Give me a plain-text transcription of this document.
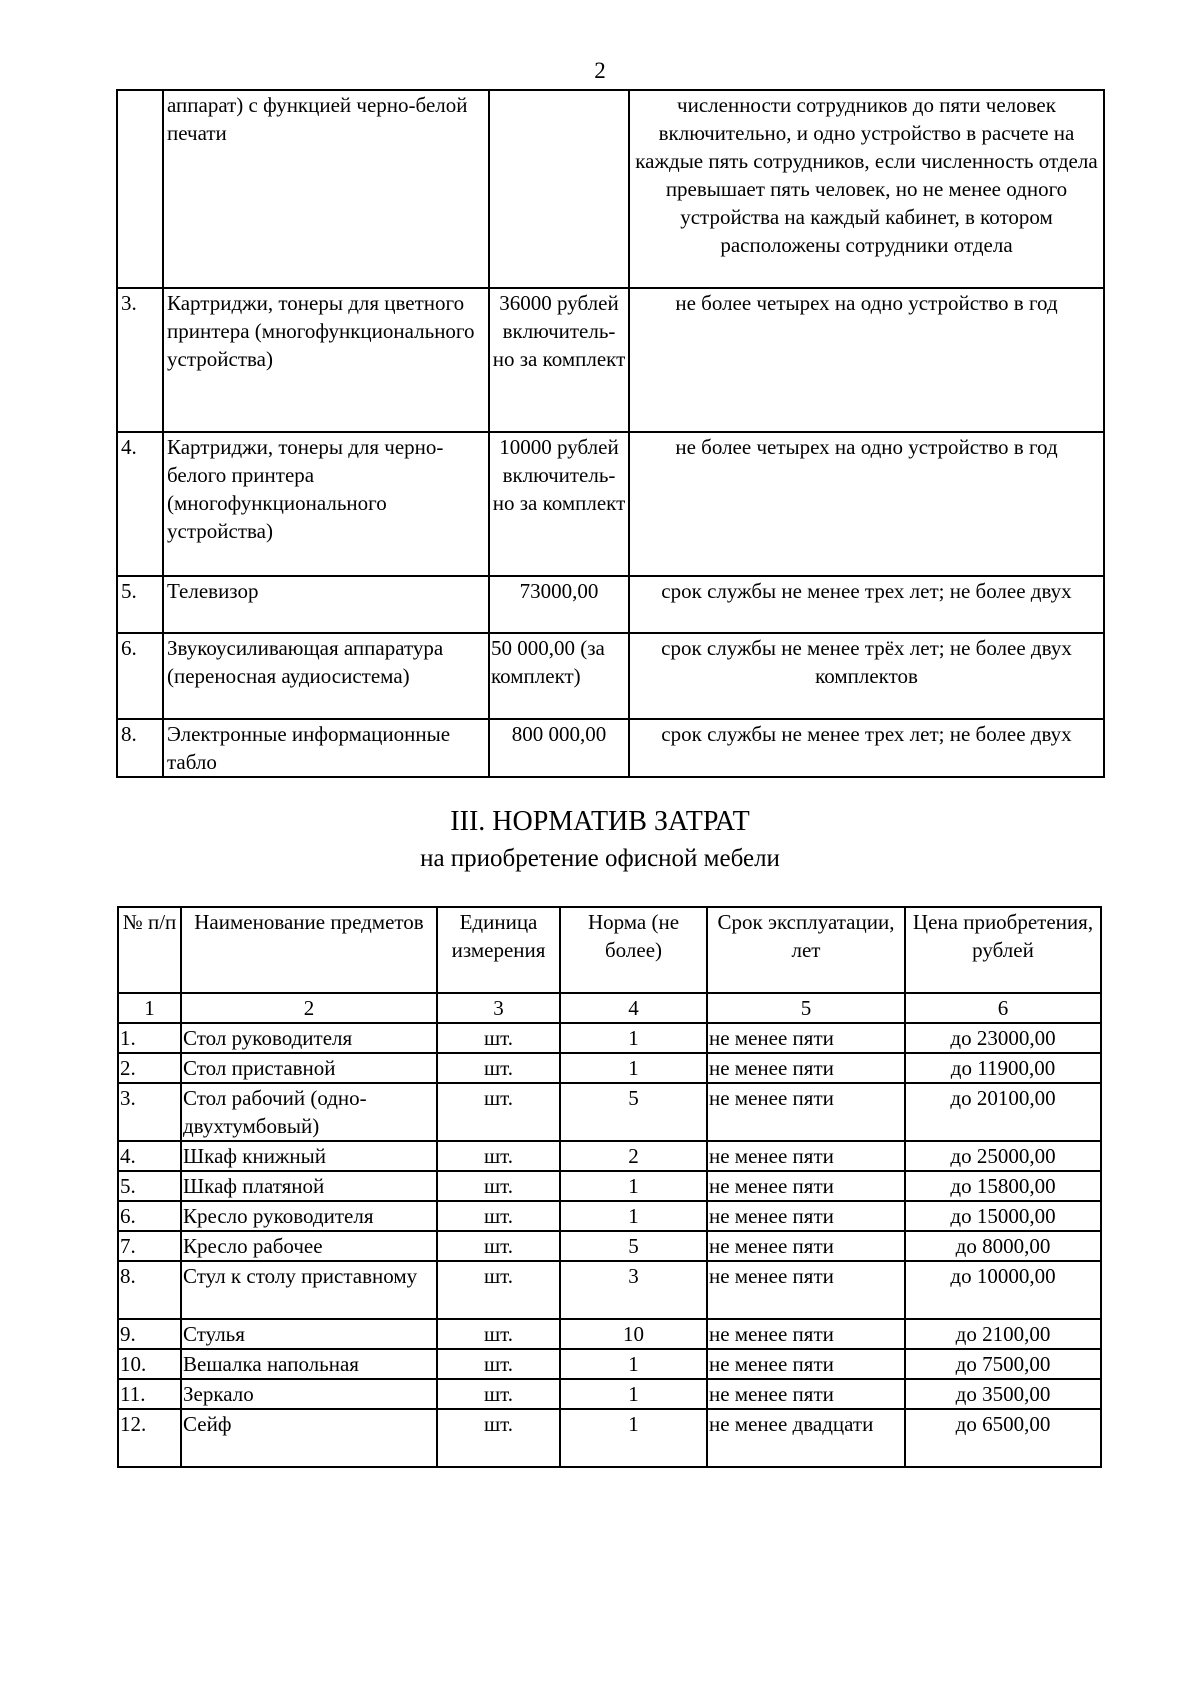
2
	аппарат) с функцией черно-белой печати		численности сотрудников до пяти человек включительно, и одно устройство в расчете на каждые пять сотрудников, если численность отдела превышает пять человек, но не менее одного устройства на каждый кабинет, в котором расположены сотрудники отдела
3.	Картриджи, тонеры для цветного принтера (многофункционального устройства)	36000 рублей включитель-но за комплект	не более четырех на одно устройство в год
4.	Картриджи, тонеры для черно-белого принтера (многофункционального устройства)	10000 рублей включитель-но за комплект	не более четырех на одно устройство в год
5.	Телевизор	73000,00	срок службы не менее трех лет; не более двух
6.	Звукоусиливающая аппаратура (переносная аудиосистема)	50 000,00 (за комплект)	срок службы не менее трёх лет; не более двух комплектов
8.	Электронные информационные табло	800 000,00	срок службы не менее трех лет; не более двух
III. НОРМАТИВ ЗАТРАТ
на приобретение офисной мебели
№ п/п	Наименование предметов	Единица измерения	Норма (не более)	Срок эксплуатации, лет	Цена приобретения, рублей
1	2	3	4	5	6
1.	Стол руководителя	шт.	1	не менее пяти	до 23000,00
2.	Стол приставной	шт.	1	не менее пяти	до 11900,00
3.	Стол рабочий (одно-двухтумбовый)	шт.	5	не менее пяти	до 20100,00
4.	Шкаф книжный	шт.	2	не менее пяти	до 25000,00
5.	Шкаф платяной	шт.	1	не менее пяти	до 15800,00
6.	Кресло руководителя	шт.	1	не менее пяти	до 15000,00
7.	Кресло рабочее	шт.	5	не менее пяти	до 8000,00
8.	Стул к столу приставному	шт.	3	не менее пяти	до 10000,00
9.	Стулья	шт.	10	не менее пяти	до 2100,00
10.	Вешалка напольная	шт.	1	не менее пяти	до 7500,00
11.	Зеркало	шт.	1	не менее пяти	до 3500,00
12.	Сейф	шт.	1	не менее двадцати	до 6500,00
